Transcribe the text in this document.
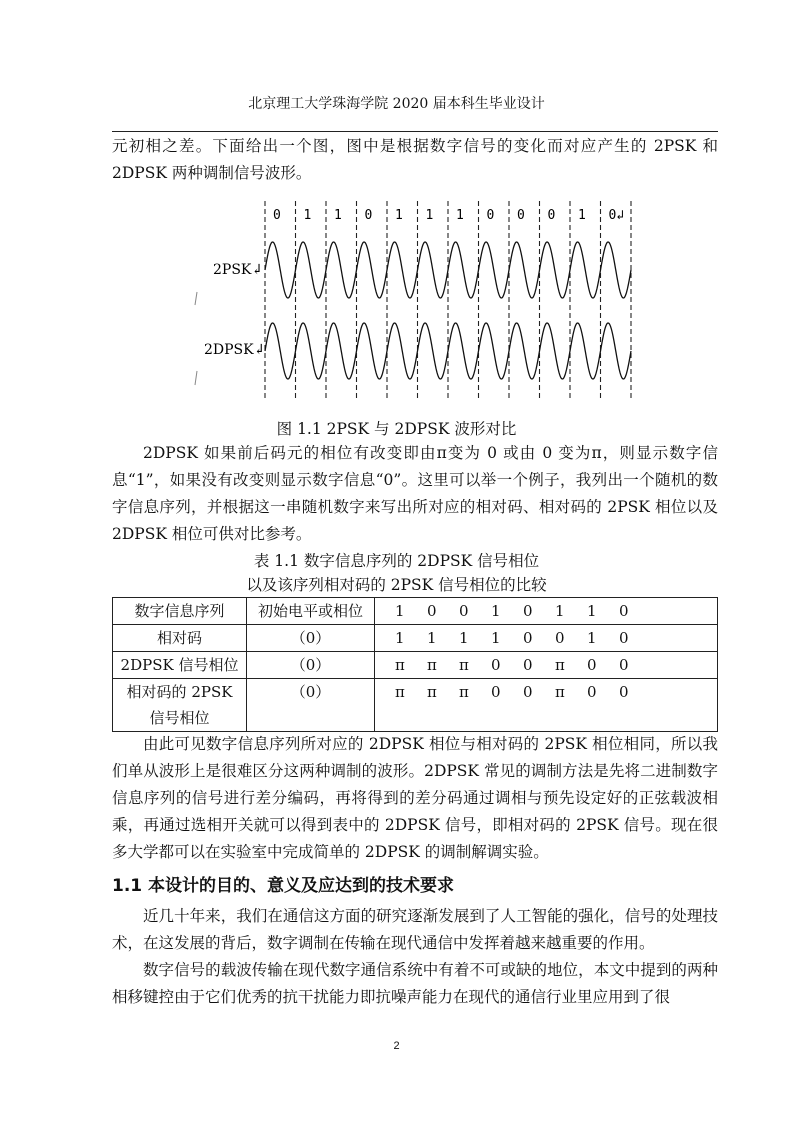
北京理工大学珠海学院 2020 届本科生毕业设计

元初相之差。下面给出一个图，图中是根据数字信号的变化而对应产生的 2PSK 和 2DPSK 两种调制信号波形。

0 1 1 0 1 1 1 0 0 0 1 0↲
2PSK↲
2DPSK↲
图 1.1 2PSK 与 2DPSK 波形对比

2DPSK 如果前后码元的相位有改变即由π变为 0 或由 0 变为π，则显示数字信息“1”，如果没有改变则显示数字信息“0”。这里可以举一个例子，我列出一个随机的数字信息序列，并根据这一串随机数字来写出所对应的相对码、相对码的 2PSK 相位以及 2DPSK 相位可供对比参考。

表 1.1 数字信息序列的 2DPSK 信号相位
以及该序列相对码的 2PSK 信号相位的比较
数字信息序列	初始电平或相位	1 0 0 1 0 1 1 0
相对码	（0）	1 1 1 1 0 0 1 0
2DPSK 信号相位	（0）	π π π 0 0 π 0 0
相对码的 2PSK 信号相位	（0）	π π π 0 0 π 0 0

由此可见数字信息序列所对应的 2DPSK 相位与相对码的 2PSK 相位相同，所以我们单从波形上是很难区分这两种调制的波形。2DPSK 常见的调制方法是先将二进制数字信息序列的信号进行差分编码，再将得到的差分码通过调相与预先设定好的正弦载波相乘，再通过选相开关就可以得到表中的 2DPSK 信号，即相对码的 2PSK 信号。现在很多大学都可以在实验室中完成简单的 2DPSK 的调制解调实验。

1.1 本设计的目的、意义及应达到的技术要求

近几十年来，我们在通信这方面的研究逐渐发展到了人工智能的强化，信号的处理技术，在这发展的背后，数字调制在传输在现代通信中发挥着越来越重要的作用。

数字信号的载波传输在现代数字通信系统中有着不可或缺的地位，本文中提到的两种相移键控由于它们优秀的抗干扰能力即抗噪声能力在现代的通信行业里应用到了很

2
